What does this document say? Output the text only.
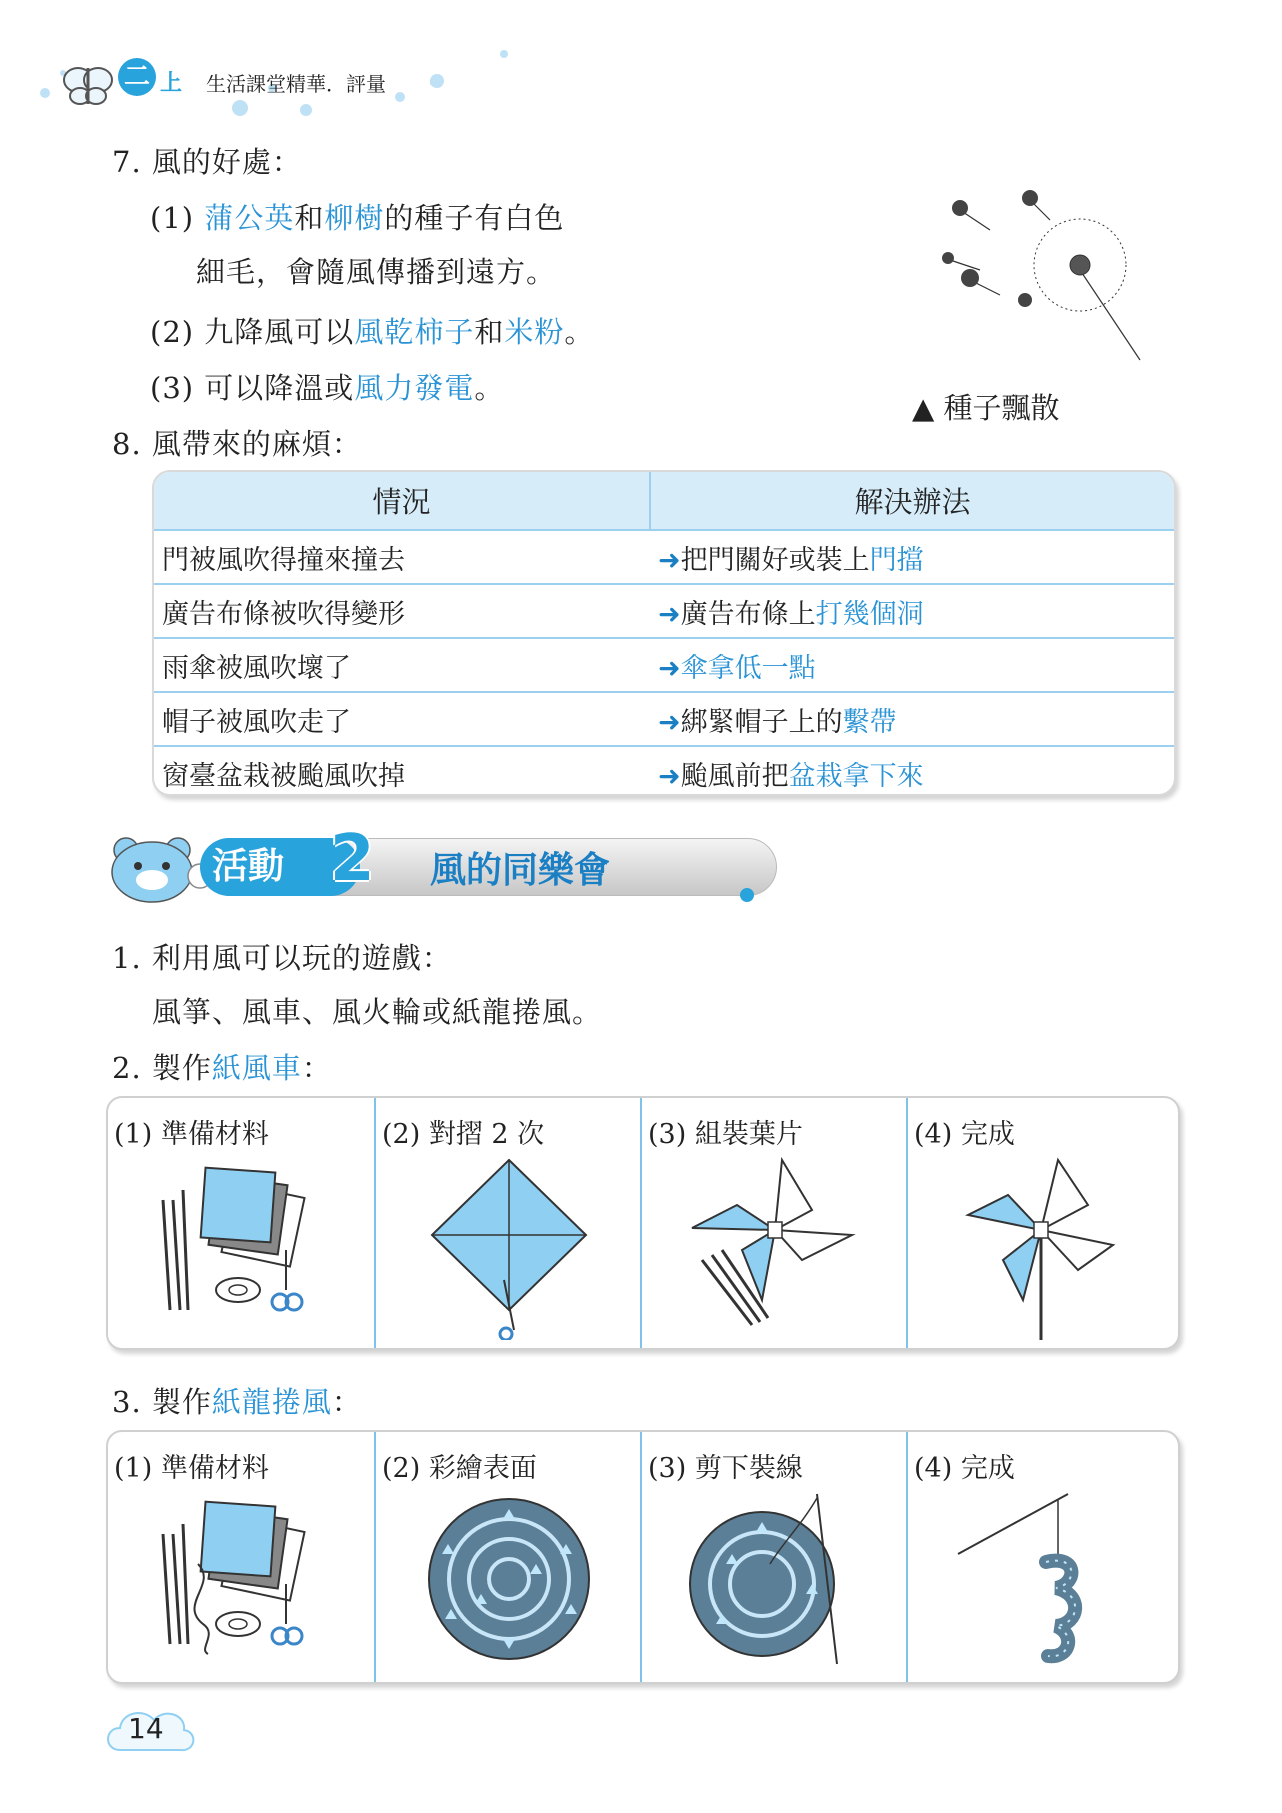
二 上 生活課堂精華．評量
7. 風的好處：
(1) 蒲公英和柳樹的種子有白色
細毛，會隨風傳播到遠方。
(2) 九降風可以風乾柿子和米粉。
(3) 可以降溫或風力發電。
▲ 種子飄散
8. 風帶來的麻煩：
情況	解決辦法
門被風吹得撞來撞去	➜把門關好或裝上門擋
廣告布條被吹得變形	➜廣告布條上打幾個洞
雨傘被風吹壞了	➜傘拿低一點
帽子被風吹走了	➜綁緊帽子上的繫帶
窗臺盆栽被颱風吹掉	➜颱風前把盆栽拿下來
活動 2	風的同樂會
1. 利用風可以玩的遊戲：
風箏、風車、風火輪或紙龍捲風。
2. 製作紙風車：
(1) 準備材料	(2) 對摺 2 次	(3) 組裝葉片	(4) 完成
3. 製作紙龍捲風：
(1) 準備材料	(2) 彩繪表面	(3) 剪下裝線	(4) 完成
14
